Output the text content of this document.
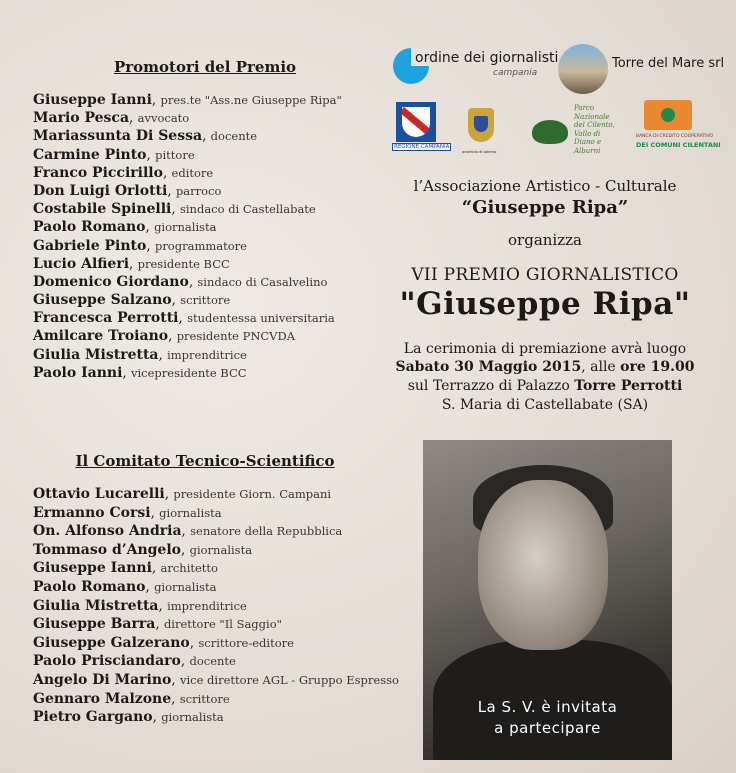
Promotori del Premio
Giuseppe Ianni, pres.te "Ass.ne Giuseppe Ripa"
Mario Pesca, avvocato
Mariassunta Di Sessa, docente
Carmine Pinto, pittore
Franco Piccirillo, editore
Don Luigi Orlotti, parroco
Costabile Spinelli, sindaco di Castellabate
Paolo Romano, giornalista
Gabriele Pinto, programmatore
Lucio Alfieri, presidente BCC
Domenico Giordano, sindaco di Casalvelino
Giuseppe Salzano, scrittore
Francesca Perrotti, studentessa universitaria
Amilcare Troiano, presidente PNCVDA
Giulia Mistretta, imprenditrice
Paolo Ianni, vicepresidente BCC
Il Comitato Tecnico-Scientifico
Ottavio Lucarelli, presidente Giorn. Campani
Ermanno Corsi, giornalista
On. Alfonso Andria, senatore della Repubblica
Tommaso d’Angelo, giornalista
Giuseppe Ianni, architetto
Paolo Romano, giornalista
Giulia Mistretta, imprenditrice
Giuseppe Barra, direttore "Il Saggio"
Giuseppe Galzerano, scrittore-editore
Paolo Prisciandaro, docente
Angelo Di Marino, vice direttore AGL - Gruppo Espresso
Gennaro Malzone, scrittore
Pietro Gargano, giornalista
ordine dei giornalisti
campania
Torre del Mare srl
REGIONE CAMPANIA
provincia di salerno
Parco Nazionale del Cilento, Vallo di Diano e Alburni
BANCA DI CREDITO COOPERATIVO
DEI COMUNI CILENTANI
l’Associazione Artistico - Culturale
“Giuseppe Ripa”
organizza
VII PREMIO GIORNALISTICO
"Giuseppe Ripa"
La cerimonia di premiazione avrà luogo
Sabato 30 Maggio 2015, alle ore 19.00
sul Terrazzo di Palazzo Torre Perrotti
S. Maria di Castellabate (SA)
La S. V. è invitata
a partecipare
